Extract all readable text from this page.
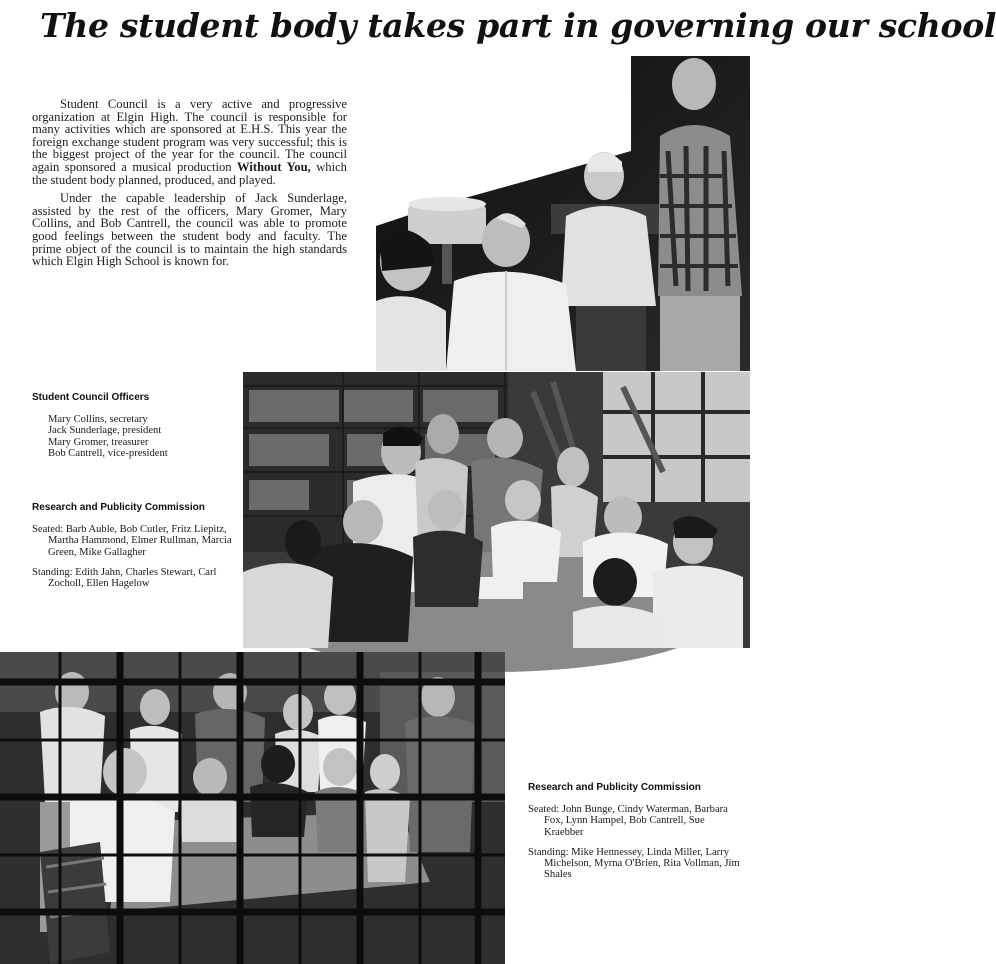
The student body takes part in governing our school

Student Council is a very active and progressive organization at Elgin High. The council is responsible for many activities which are sponsored at E.H.S. This year the foreign exchange student program was very successful; this is the biggest project of the year for the council. The council again sponsored a musical production Without You, which the student body planned, produced, and played.

Under the capable leadership of Jack Sunderlage, assisted by the rest of the officers, Mary Gromer, Mary Collins, and Bob Cantrell, the council was able to promote good feelings between the student body and faculty. The prime object of the council is to maintain the high standards which Elgin High School is known for.

Student Council Officers
Mary Collins, secretary
Jack Sunderlage, president
Mary Gromer, treasurer
Bob Cantrell, vice-president
Research and Publicity Commission
Seated: Barb Auble, Bob Cutler, Fritz Liepitz, Martha Hammond, Elmer Rullman, Marcia Green, Mike Gallagher
Standing: Edith Jahn, Charles Stewart, Carl Zocholl, Ellen Hagelow
Research and Publicity Commission
Seated: John Bunge, Cindy Waterman, Barbara Fox, Lynn Hampel, Bob Cantrell, Sue Kraebber
Standing: Mike Hennessey, Linda Miller, Larry Michelson, Myrna O'Brien, Rita Vollman, Jim Shales
